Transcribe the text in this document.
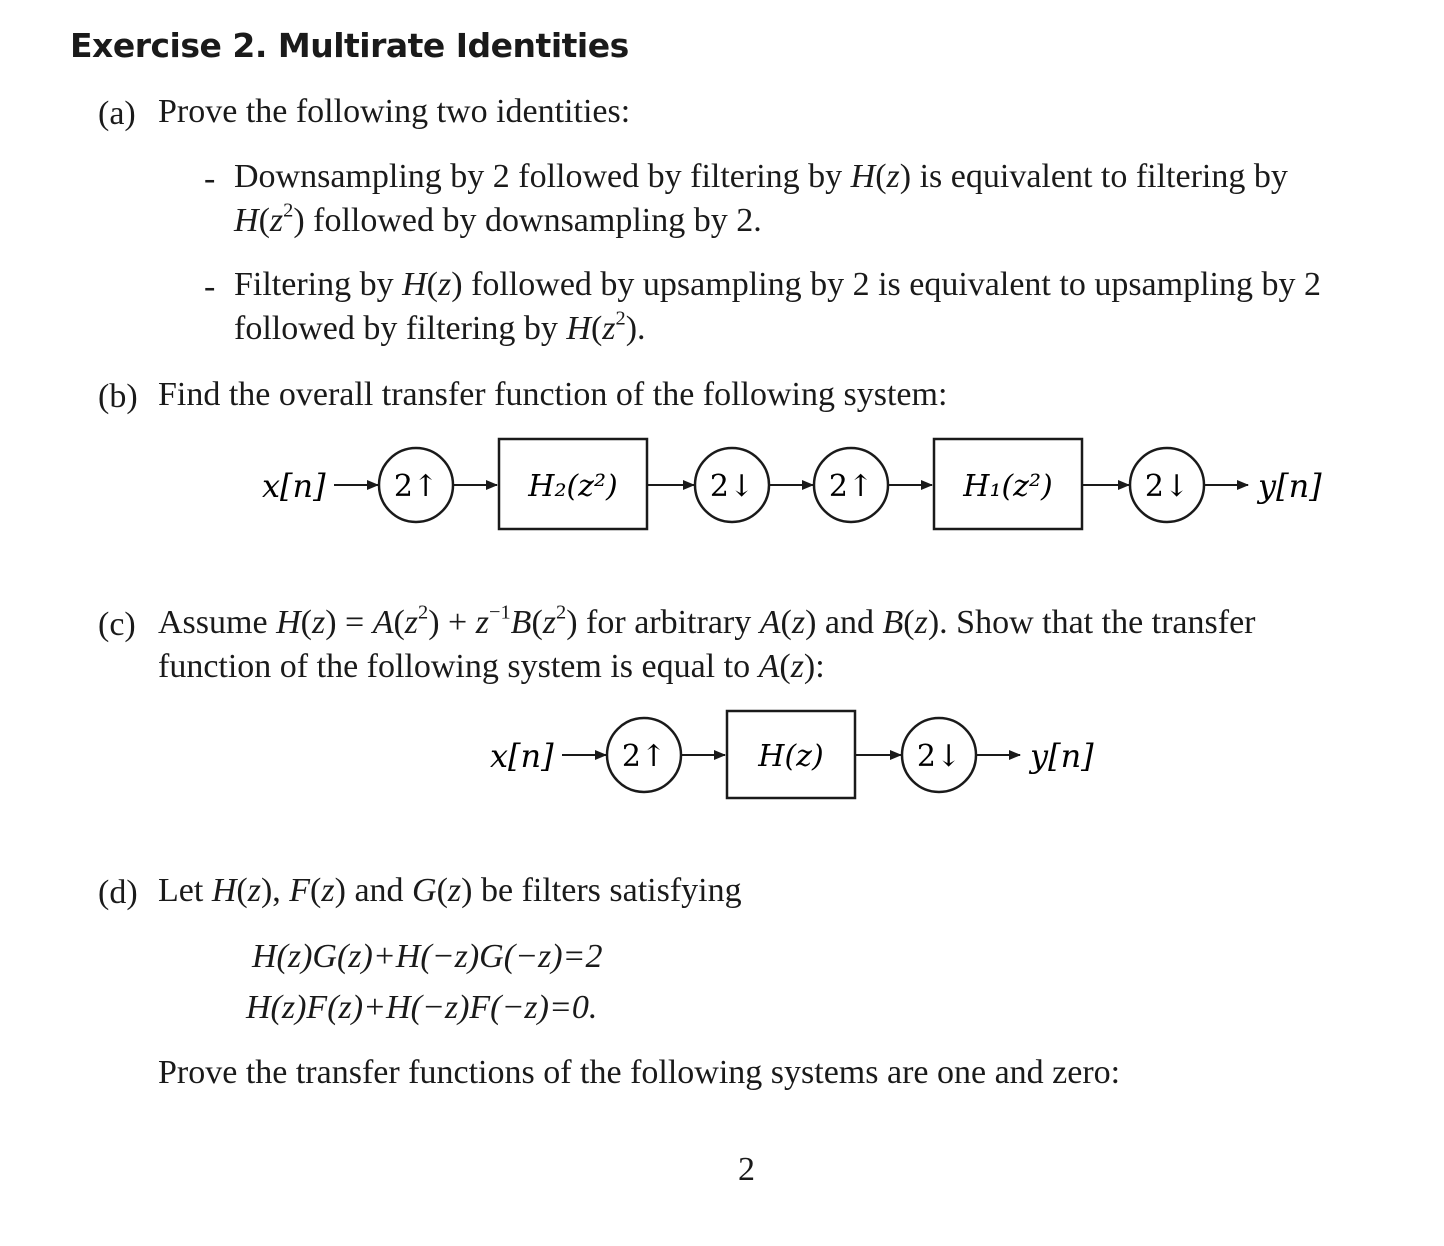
Exercise 2. Multirate Identities
(a) Prove the following two identities:
- Downsampling by 2 followed by filtering by H(z) is equivalent to filtering by
$H(z^2)$ followed by downsampling by 2.
- Filtering by H(z) followed by upsampling by 2 is equivalent to upsampling by 2
followed by filtering by $H(z^2)$.
(b) Find the overall transfer function of the following system:
x[n] 2↑	H₂(z²)	2↓ 2↑	H₁(z²)	2↓ y[n]
(c) Assume $H(z) = A(z^2) + z^{-1}B(z^2)$ for arbitrary A(z) and B(z). Show that the transfer
function of the following system is equal to A(z):
x[n] 2↑	H(z)	2↓ y[n]
(d) Let H(z), F(z) and G(z) be filters satisfying
H(z)G(z)+H(−z)G(−z)=2
H(z)F(z)+H(−z)F(−z)=0.
Prove the transfer functions of the following systems are one and zero:
2
